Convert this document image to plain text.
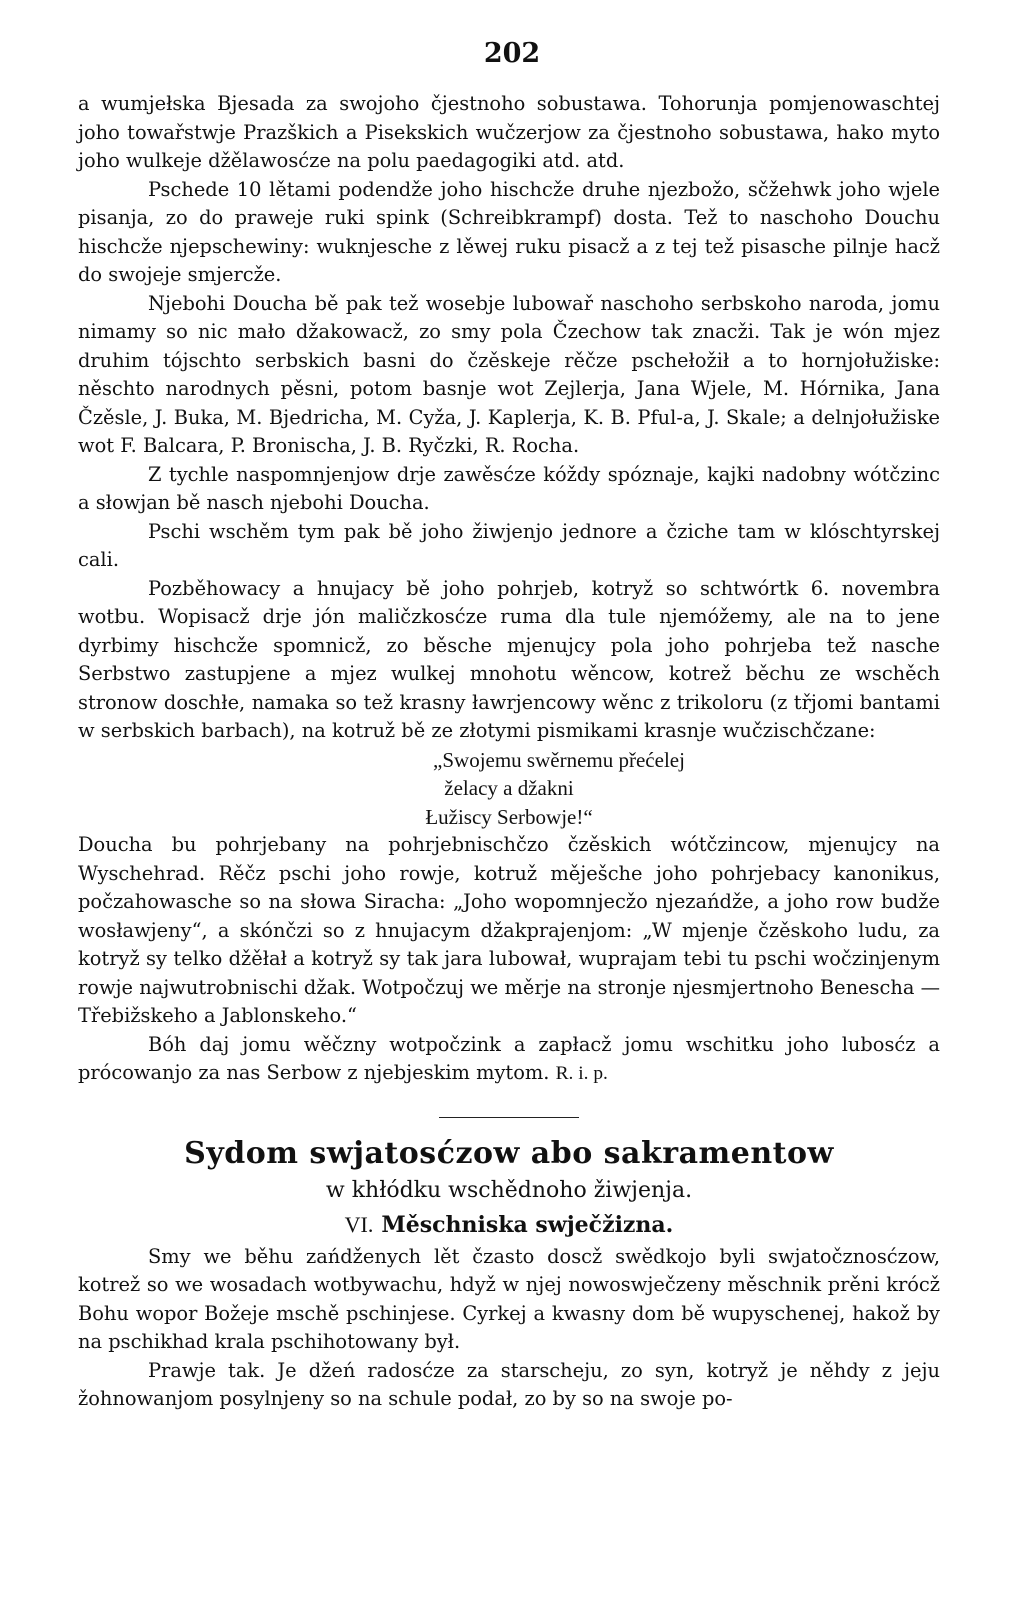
202

a wumjełska Bjesada za swojoho čjestnoho sobustawa. Tohorunja pomjenowaschtej joho towařstwje Prazškich a Pisekskich wučzerjow za čjestnoho sobustawa, hako myto joho wulkeje džělawosćze na polu paedagogiki atd. atd.

Pschede 10 lětami podendže joho hischcže druhe njezbožo, sčžehwk joho wjele pisanja, zo do praweje ruki spink (Schreibkrampf) dosta. Tež to naschoho Douchu hischcže njepschewiny: wuknjesche z lěwej ruku pisacž a z tej tež pisasche pilnje hacž do swojeje smjercže.

Njebohi Doucha bě pak tež wosebje lubowař naschoho serbskoho naroda, jomu nimamy so nic mało džakowacž, zo smy pola Čzechow tak znacži. Tak je wón mjez druhim tójschto serbskich basni do čzěskeje rěčze pschełožił a to hornjołužiske: něschto narodnych pěsni, potom basnje wot Zejlerja, Jana Wjele, M. Hórnika, Jana Čzěsle, J. Buka, M. Bjedricha, M. Cyža, J. Kaplerja, K. B. Pful-a, J. Skale; a delnjołužiske wot F. Balcara, P. Bronischa, J. B. Ryčzki, R. Rocha.

Z tychle naspomnjenjow drje zawěsćze kóždy spóznaje, kajki nadobny wótčzinc a słowjan bě nasch njebohi Doucha.

Pschi wschěm tym pak bě joho žiwjenjo jednore a čziche tam w klóschtyrskej cali.

Pozběhowacy a hnujacy bě joho pohrjeb, kotryž so schtwórtk 6. novembra wotbu. Wopisacž drje jón maličzkosćze ruma dla tule njemóžemy, ale na to jene dyrbimy hischcže spomnicž, zo běsche mjenujcy pola joho pohrjeba tež nasche Serbstwo zastupjene a mjez wulkej mnohotu wěncow, kotrež běchu ze wschěch stronow doschłe, namaka so tež krasny ławrjencowy wěnc z trikoloru (z třjomi bantami w serbskich barbach), na kotruž bě ze złotymi pismikami krasnje wučzischčzane:

„Swojemu swěrnemu přećelej
želacy a džakni
Łužiscy Serbowje!“

Doucha bu pohrjebany na pohrjebnischčzo čzěskich wótčzincow, mjenujcy na Wyschehrad. Rěčz pschi joho rowje, kotruž měješche joho pohrjebacy kanonikus, počzahowasche so na słowa Siracha: „Joho wopomnjecžo njezańdže, a joho row budže wosławjeny“, a skónčzi so z hnujacym džakprajenjom: „W mjenje čzěskoho ludu, za kotryž sy telko džěłał a kotryž sy tak jara lubował, wuprajam tebi tu pschi wočzinjenym rowje najwutrobnischi džak. Wotpočzuj we měrje na stronje njesmjertnoho Benescha — Třebižskeho a Jablonskeho.“

Bóh daj jomu wěčzny wotpočzink a zapłacž jomu wschitku joho lubosćz a prócowanjo za nas Serbow z njebjeskim mytom. R. i. p.

Sydom swjatosćzow abo sakramentow
w khłódku wschědnoho žiwjenja.
VI. Měschniska swječžizna.

Smy we běhu zańdženych lět čzasto doscž swědkojo byli swjatočznosćzow, kotrež so we wosadach wotbywachu, hdyž w njej nowoswječzeny měschnik prěni krócž Bohu wopor Božeje mschě pschinjese. Cyrkej a kwasny dom bě wupyschenej, hakož by na pschikhad krala pschihotowany był.

Prawje tak. Je džeń radosćze za starscheju, zo syn, kotryž je něhdy z jeju žohnowanjom posylnjeny so na schule podał, zo by so na swoje po-
